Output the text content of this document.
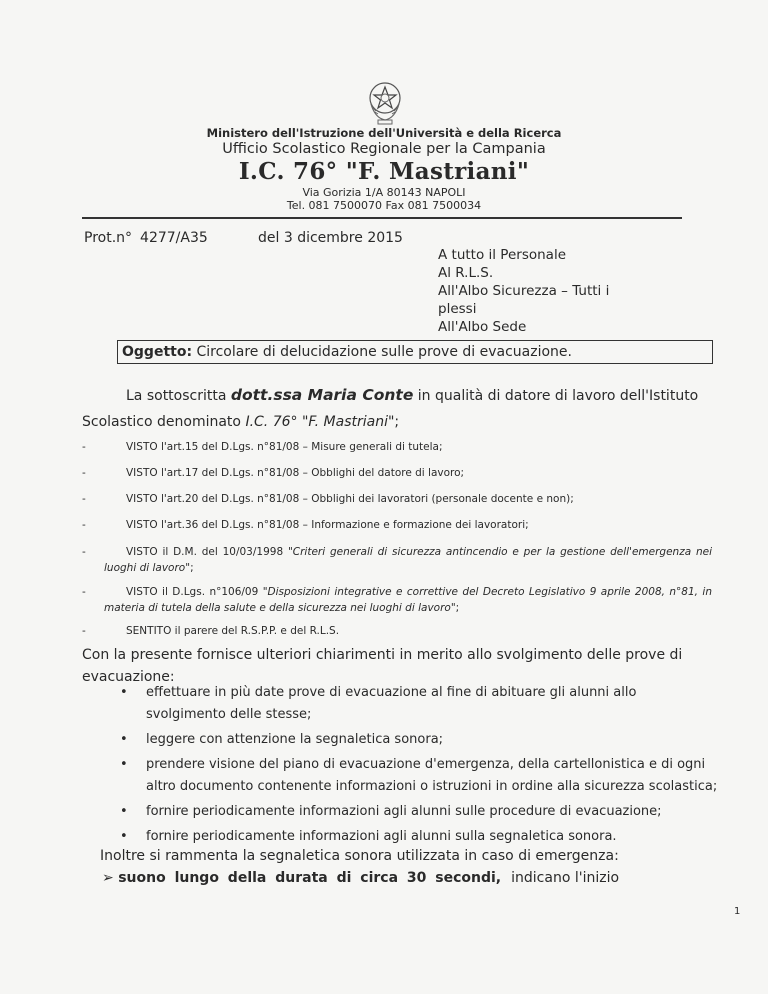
Ministero dell'Istruzione dell'Università e della Ricerca
Ufficio Scolastico Regionale per la Campania
I.C. 76° "F. Mastriani"
Via Gorizia 1/A 80143 NAPOLI
Tel. 081 7500070 Fax 081 7500034
Prot.n° 4277/A35	del 3 dicembre 2015
A tutto il Personale
Al R.L.S.
All'Albo Sicurezza – Tutti i plessi
All'Albo Sede
Oggetto: Circolare di delucidazione sulle prove di evacuazione.
La sottoscritta dott.ssa Maria Conte in qualità di datore di lavoro dell'Istituto
Scolastico denominato I.C. 76° "F. Mastriani";
-	VISTO l'art.15 del D.Lgs. n°81/08 – Misure generali di tutela;
-	VISTO l'art.17 del D.Lgs. n°81/08 – Obblighi del datore di lavoro;
-	VISTO l'art.20 del D.Lgs. n°81/08 – Obblighi dei lavoratori (personale docente e non);
-	VISTO l'art.36 del D.Lgs. n°81/08 – Informazione e formazione dei lavoratori;
-	VISTO il D.M. del 10/03/1998 "Criteri generali di sicurezza antincendio e per la gestione dell'emergenza nei luoghi di lavoro";
-	VISTO il D.Lgs. n°106/09 "Disposizioni integrative e correttive del Decreto Legislativo 9 aprile 2008, n°81, in materia di tutela della salute e della sicurezza nei luoghi di lavoro";
-	SENTITO il parere del R.S.P.P. e del R.L.S.
Con la presente fornisce ulteriori chiarimenti in merito allo svolgimento delle prove di evacuazione:
• effettuare in più date prove di evacuazione al fine di abituare gli alunni allo svolgimento delle stesse;
• leggere con attenzione la segnaletica sonora;
• prendere visione del piano di evacuazione d'emergenza, della cartellonistica e di ogni altro documento contenente informazioni o istruzioni in ordine alla sicurezza scolastica;
• fornire periodicamente informazioni agli alunni sulle procedure di evacuazione;
• fornire periodicamente informazioni agli alunni sulla segnaletica sonora.
Inoltre si rammenta la segnaletica sonora utilizzata in caso di emergenza:
➢ suono lungo della durata di circa 30 secondi, indicano l'inizio
1
